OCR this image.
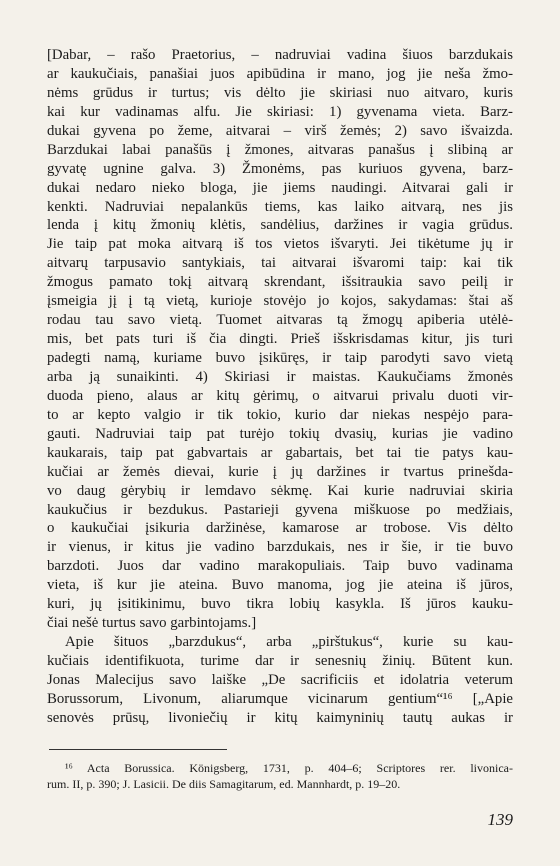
[Dabar, – rašo Praetorius, – nadruviai vadina šiuos barzdukais
ar kaukučiais, panašiai juos apibūdina ir mano, jog jie neša žmo-
nėms grūdus ir turtus; vis dėlto jie skiriasi nuo aitvaro, kuris
kai kur vadinamas alfu. Jie skiriasi: 1) gyvenama vieta. Barz-
dukai gyvena po žeme, aitvarai – virš žemės; 2) savo išvaizda.
Barzdukai labai panašūs į žmones, aitvaras panašus į slibiną ar
gyvatę ugnine galva. 3) Žmonėms, pas kuriuos gyvena, barz-
dukai nedaro nieko bloga, jie jiems naudingi. Aitvarai gali ir
kenkti. Nadruviai nepalankūs tiems, kas laiko aitvarą, nes jis
lenda į kitų žmonių klėtis, sandėlius, daržines ir vagia grūdus.
Jie taip pat moka aitvarą iš tos vietos išvaryti. Jei tikėtume jų ir
aitvarų tarpusavio santykiais, tai aitvarai išvaromi taip: kai tik
žmogus pamato tokį aitvarą skrendant, išsitraukia savo peilį ir
įsmeigia jį į tą vietą, kurioje stovėjo jo kojos, sakydamas: štai aš
rodau tau savo vietą. Tuomet aitvaras tą žmogų apiberia utėlė-
mis, bet pats turi iš čia dingti. Prieš išskrisdamas kitur, jis turi
padegti namą, kuriame buvo įsikūręs, ir taip parodyti savo vietą
arba ją sunaikinti. 4) Skiriasi ir maistas. Kaukučiams žmonės
duoda pieno, alaus ar kitų gėrimų, o aitvarui privalu duoti vir-
to ar kepto valgio ir tik tokio, kurio dar niekas nespėjo para-
gauti. Nadruviai taip pat turėjo tokių dvasių, kurias jie vadino
kaukarais, taip pat gabvartais ar gabartais, bet tai tie patys kau-
kučiai ar žemės dievai, kurie į jų daržines ir tvartus prinešda-
vo daug gėrybių ir lemdavo sėkmę. Kai kurie nadruviai skiria
kaukučius ir bezdukus. Pastarieji gyvena miškuose po medžiais,
o kaukučiai įsikuria daržinėse, kamarose ar trobose. Vis dėlto
ir vienus, ir kitus jie vadino barzdukais, nes ir šie, ir tie buvo
barzdoti. Juos dar vadino marakopuliais. Taip buvo vadinama
vieta, iš kur jie ateina. Buvo manoma, jog jie ateina iš jūros,
kuri, jų įsitikinimu, buvo tikra lobių kasykla. Iš jūros kauku-
čiai nešė turtus savo garbintojams.]
Apie šituos „barzdukus“, arba „pirštukus“, kurie su kau-
kučiais identifikuota, turime dar ir senesnių žinių. Būtent kun.
Jonas Malecijus savo laiške „De sacrificiis et idolatria veterum
Borussorum, Livonum, aliarumque vicinarum gentium“¹⁶ [„Apie
senovės prūsų, livoniečių ir kitų kaimyninių tautų aukas ir
¹⁶ Acta Borussica. Königsberg, 1731, p. 404–6; Scriptores rer. livonica-
rum. II, p. 390; J. Lasicii. De diis Samagitarum, ed. Mannhardt, p. 19–20.
139
